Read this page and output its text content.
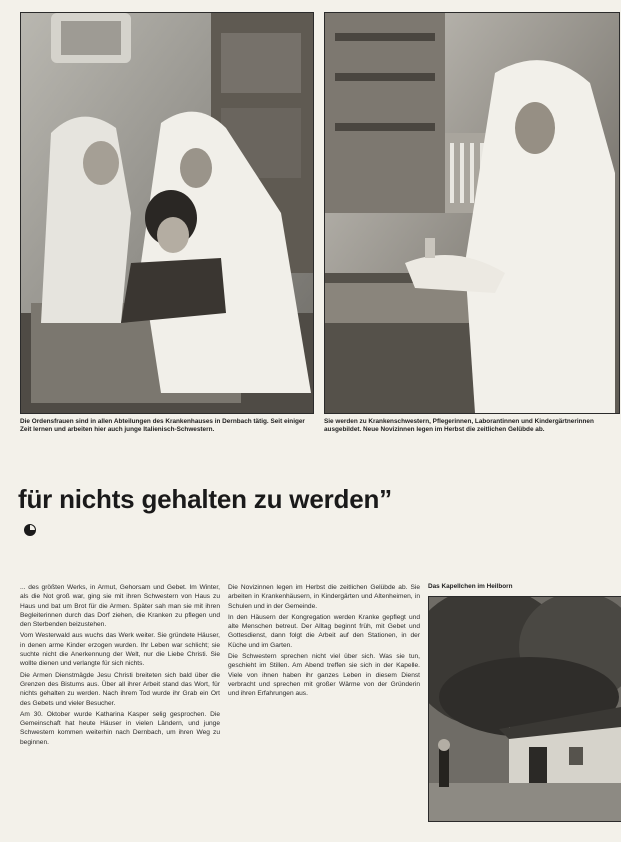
Die Ordensfrauen sind in allen Abteilungen des Krankenhauses in Dernbach tätig. Seit einiger Zeit lernen und arbeiten hier auch junge Italienisch-Schwestern.
Sie werden zu Krankenschwestern, Pflegerinnen, Laborantinnen und Kindergärtnerinnen ausgebildet. Neue Novizinnen legen im Herbst die zeitlichen Gelübde ab.
für nichts gehalten zu werden”

... des größten Werks, in Armut, Gehorsam und Gebet. Im Winter, als die Not groß war, ging sie mit ihren Schwestern von Haus zu Haus und bat um Brot für die Armen. Später sah man sie mit ihren Begleiterinnen durch das Dorf ziehen, die Kranken zu pflegen und den Sterbenden beizustehen.

Vom Westerwald aus wuchs das Werk weiter. Sie gründete Häuser, in denen arme Kinder erzogen wurden. Ihr Leben war schlicht; sie suchte nicht die Anerkennung der Welt, nur die Liebe Christi. Sie wollte dienen und verlangte für sich nichts.

Die Armen Dienstmägde Jesu Christi breiteten sich bald über die Grenzen des Bistums aus. Über all ihrer Arbeit stand das Wort, für nichts gehalten zu werden. Nach ihrem Tod wurde ihr Grab ein Ort des Gebets und vieler Besucher.

Am 30. Oktober wurde Katharina Kasper selig gesprochen. Die Gemeinschaft hat heute Häuser in vielen Ländern, und junge Schwestern kommen weiterhin nach Dernbach, um ihren Weg zu beginnen.

Die Novizinnen legen im Herbst die zeitlichen Gelübde ab. Sie arbeiten in Krankenhäusern, in Kindergärten und Altenheimen, in Schulen und in der Gemeinde.

In den Häusern der Kongregation werden Kranke gepflegt und alte Menschen betreut. Der Alltag beginnt früh, mit Gebet und Gottesdienst, dann folgt die Arbeit auf den Stationen, in der Küche und im Garten.

Die Schwestern sprechen nicht viel über sich. Was sie tun, geschieht im Stillen. Am Abend treffen sie sich in der Kapelle. Viele von ihnen haben ihr ganzes Leben in diesem Dienst verbracht und sprechen mit großer Wärme von der Gründerin und ihren Erfahrungen aus.

Das Kapellchen im Heilborn
